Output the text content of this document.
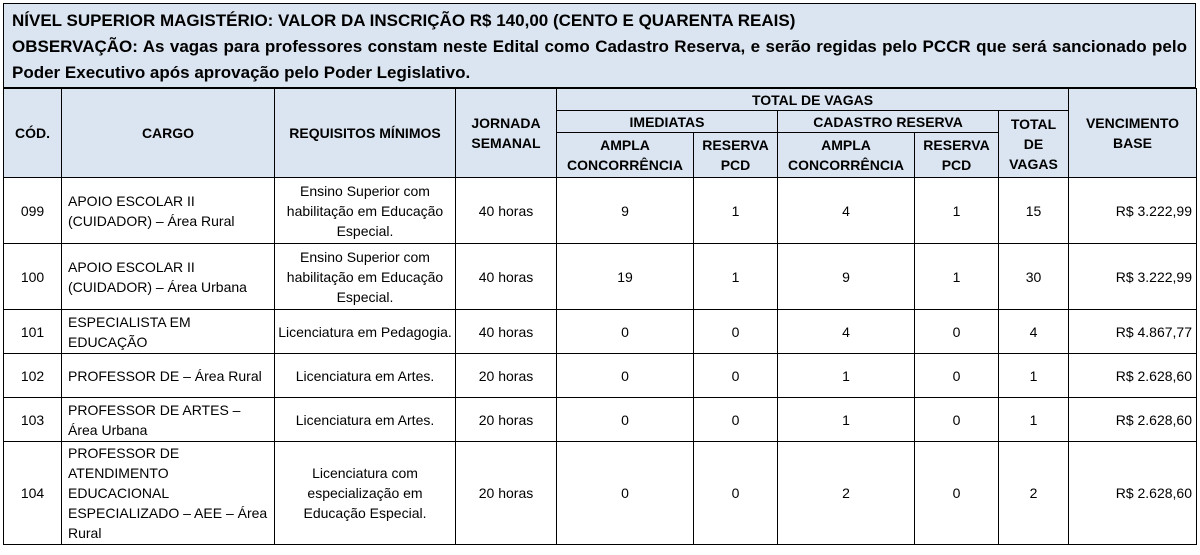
NÍVEL SUPERIOR MAGISTÉRIO: VALOR DA INSCRIÇÃO R$ 140,00 (CENTO E QUARENTA REAIS)
OBSERVAÇÃO: As vagas para professores constam neste Edital como Cadastro Reserva, e serão regidas pelo PCCR que será sancionado pelo Poder Executivo após aprovação pelo Poder Legislativo.
CÓD.	CARGO	REQUISITOS MÍNIMOS	JORNADA SEMANAL	TOTAL DE VAGAS					VENCIMENTO BASE
				IMEDIATAS		CADASTRO RESERVA		TOTAL DE VAGAS	
				AMPLA CONCORRÊNCIA	RESERVA PCD	AMPLA CONCORRÊNCIA	RESERVA PCD		
099	APOIO ESCOLAR II (CUIDADOR) – Área Rural	Ensino Superior com habilitação em Educação Especial.	40 horas	9	1	4	1	15	R$ 3.222,99
100	APOIO ESCOLAR II (CUIDADOR) – Área Urbana	Ensino Superior com habilitação em Educação Especial.	40 horas	19	1	9	1	30	R$ 3.222,99
101	ESPECIALISTA EM EDUCAÇÃO	Licenciatura em Pedagogia.	40 horas	0	0	4	0	4	R$ 4.867,77
102	PROFESSOR DE – Área Rural	Licenciatura em Artes.	20 horas	0	0	1	0	1	R$ 2.628,60
103	PROFESSOR DE ARTES – Área Urbana	Licenciatura em Artes.	20 horas	0	0	1	0	1	R$ 2.628,60
104	PROFESSOR DE ATENDIMENTO EDUCACIONAL ESPECIALIZADO – AEE – Área Rural	Licenciatura com especialização em Educação Especial.	20 horas	0	0	2	0	2	R$ 2.628,60
